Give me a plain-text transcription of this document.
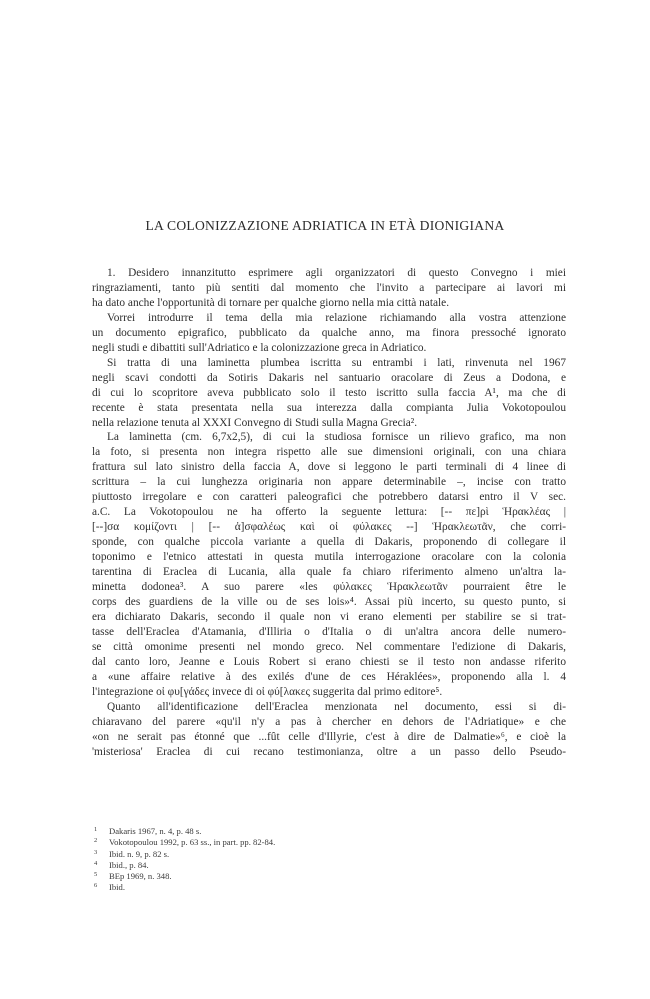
LA COLONIZZAZIONE ADRIATICA IN ETÀ DIONIGIANA

1. Desidero innanzitutto esprimere agli organizzatori di questo Convegno i miei
ringraziamenti, tanto più sentiti dal momento che l'invito a partecipare ai lavori mi
ha dato anche l'opportunità di tornare per qualche giorno nella mia città natale.

Vorrei introdurre il tema della mia relazione richiamando alla vostra attenzione
un documento epigrafico, pubblicato da qualche anno, ma finora pressoché ignorato
negli studi e dibattiti sull'Adriatico e la colonizzazione greca in Adriatico.

Si tratta di una laminetta plumbea iscritta su entrambi i lati, rinvenuta nel 1967
negli scavi condotti da Sotiris Dakaris nel santuario oracolare di Zeus a Dodona, e
di cui lo scopritore aveva pubblicato solo il testo iscritto sulla faccia A¹, ma che di
recente è stata presentata nella sua interezza dalla compianta Julia Vokotopoulou
nella relazione tenuta al XXXI Convegno di Studi sulla Magna Grecia².

La laminetta (cm. 6,7x2,5), di cui la studiosa fornisce un rilievo grafico, ma non
la foto, si presenta non integra rispetto alle sue dimensioni originali, con una chiara
frattura sul lato sinistro della faccia A, dove si leggono le parti terminali di 4 linee di
scrittura – la cui lunghezza originaria non appare determinabile –, incise con tratto
piuttosto irregolare e con caratteri paleografici che potrebbero datarsi entro il V sec.
a.C. La Vokotopoulou ne ha offerto la seguente lettura: [-- πε]ρὶ Ἡρακλέας |
[--]σα κομίζοντι | [-- ἀ]σφαλέως καὶ οἱ φύλακες --] Ἡρακλεωτᾶν, che corri-
sponde, con qualche piccola variante a quella di Dakaris, proponendo di collegare il
toponimo e l'etnico attestati in questa mutila interrogazione oracolare con la colonia
tarentina di Eraclea di Lucania, alla quale fa chiaro riferimento almeno un'altra la-
minetta dodonea³. A suo parere «les φύλακες Ἡρακλεωτᾶν pourraient être le
corps des guardiens de la ville ou de ses lois»⁴. Assai più incerto, su questo punto, si
era dichiarato Dakaris, secondo il quale non vi erano elementi per stabilire se si trat-
tasse dell'Eraclea d'Atamania, d'Illiria o d'Italia o di un'altra ancora delle numero-
se città omonime presenti nel mondo greco. Nel commentare l'edizione di Dakaris,
dal canto loro, Jeanne e Louis Robert si erano chiesti se il testo non andasse riferito
a «une affaire relative à des exilés d'une de ces Héraklées», proponendo alla l. 4
l'integrazione οἱ φυ[γάδες invece di οἱ φύ[λακες suggerita dal primo editore⁵.

Quanto all'identificazione dell'Eraclea menzionata nel documento, essi si di-
chiaravano del parere «qu'il n'y a pas à chercher en dehors de l'Adriatique» e che
«on ne serait pas étonné que ...fût celle d'Illyrie, c'est à dire de Dalmatie»⁶, e cioè la
'misteriosa' Eraclea di cui recano testimonianza, oltre a un passo dello Pseudo-

1 Dakaris 1967, n. 4, p. 48 s.
2 Vokotopoulou 1992, p. 63 ss., in part. pp. 82-84.
3 Ibid. n. 9, p. 82 s.
4 Ibid., p. 84.
5 BEp 1969, n. 348.
6 Ibid.
